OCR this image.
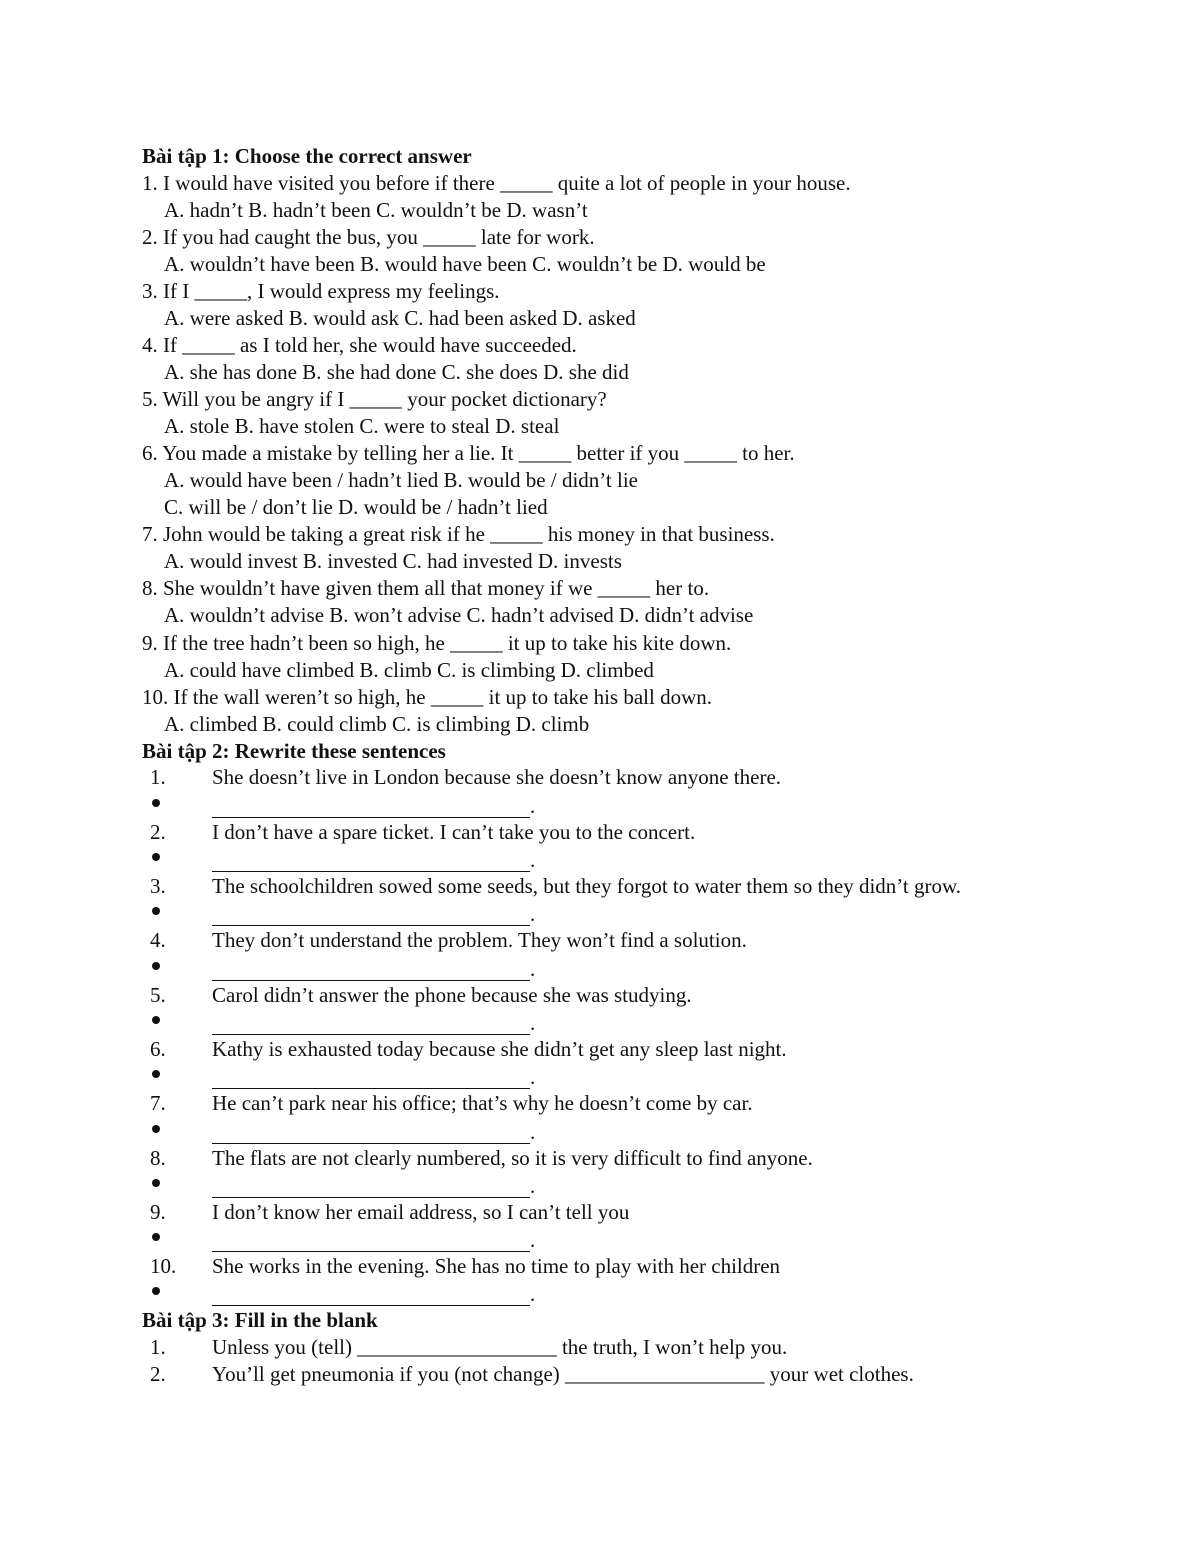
Bài tập 1: Choose the correct answer
1. I would have visited you before if there _____ quite a lot of people in your house.
A. hadn’t B. hadn’t been C. wouldn’t be D. wasn’t
2. If you had caught the bus, you _____ late for work.
A. wouldn’t have been B. would have been C. wouldn’t be D. would be
3. If I _____, I would express my feelings.
A. were asked B. would ask C. had been asked D. asked
4. If _____ as I told her, she would have succeeded.
A. she has done B. she had done C. she does D. she did
5. Will you be angry if I _____ your pocket dictionary?
A. stole B. have stolen C. were to steal D. steal
6. You made a mistake by telling her a lie. It _____ better if you _____ to her.
A. would have been / hadn’t lied B. would be / didn’t lie
C. will be / don’t lie D. would be / hadn’t lied
7. John would be taking a great risk if he _____ his money in that business.
A. would invest B. invested C. had invested D. invests
8. She wouldn’t have given them all that money if we _____ her to.
A. wouldn’t advise B. won’t advise C. hadn’t advised D. didn’t advise
9. If the tree hadn’t been so high, he _____ it up to take his kite down.
A. could have climbed B. climb C. is climbing D. climbed
10. If the wall weren’t so high, he _____ it up to take his ball down.
A. climbed B. could climb C. is climbing D. climb
Bài tập 2: Rewrite these sentences
1. She doesn’t live in London because she doesn’t know anyone there.
.
2. I don’t have a spare ticket. I can’t take you to the concert.
.
3. The schoolchildren sowed some seeds, but they forgot to water them so they didn’t grow.
.
4. They don’t understand the problem. They won’t find a solution.
.
5. Carol didn’t answer the phone because she was studying.
.
6. Kathy is exhausted today because she didn’t get any sleep last night.
.
7. He can’t park near his office; that’s why he doesn’t come by car.
.
8. The flats are not clearly numbered, so it is very difficult to find anyone.
.
9. I don’t know her email address, so I can’t tell you
.
10. She works in the evening. She has no time to play with her children
.
Bài tập 3: Fill in the blank
1. Unless you (tell) ___________________ the truth, I won’t help you.
2. You’ll get pneumonia if you (not change) ___________________ your wet clothes.
